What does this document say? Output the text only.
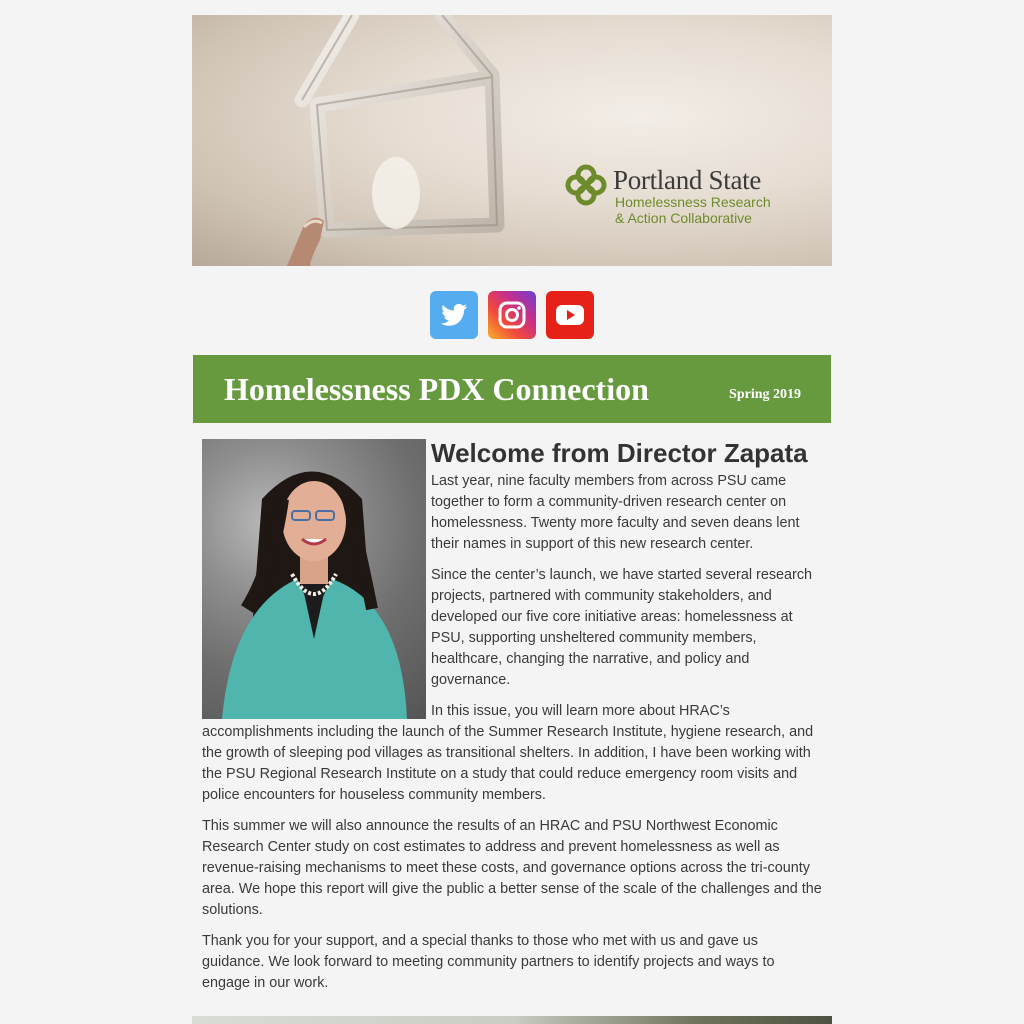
Portland State
Homelessness Research
& Action Collaborative
Homelessness PDX Connection	Spring 2019
Welcome from Director Zapata

Last year, nine faculty members from across PSU came together to form a community-driven research center on homelessness. Twenty more faculty and seven deans lent their names in support of this new research center.

Since the center’s launch, we have started several research projects, partnered with community stakeholders, and developed our five core initiative areas: homelessness at PSU, supporting unsheltered community members, healthcare, changing the narrative, and policy and governance.

In this issue, you will learn more about HRAC’s accomplishments including the launch of the Summer Research Institute, hygiene research, and the growth of sleeping pod villages as transitional shelters. In addition, I have been working with the PSU Regional Research Institute on a study that could reduce emergency room visits and police encounters for houseless community members.

This summer we will also announce the results of an HRAC and PSU Northwest Economic Research Center study on cost estimates to address and prevent homelessness as well as revenue-raising mechanisms to meet these costs, and governance options across the tri-county area. We hope this report will give the public a better sense of the scale of the challenges and the solutions.

Thank you for your support, and a special thanks to those who met with us and gave us guidance. We look forward to meeting community partners to identify projects and ways to engage in our work.
